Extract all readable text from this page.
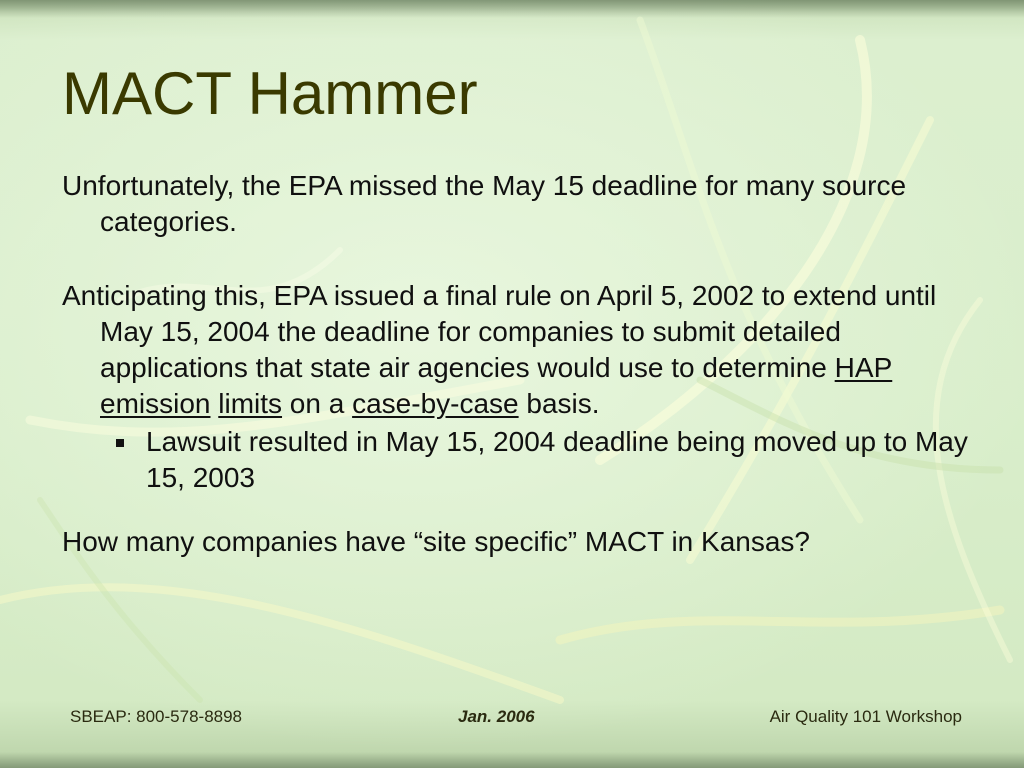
MACT Hammer

Unfortunately, the EPA missed the May 15 deadline for many source categories.

Anticipating this, EPA issued a final rule on April 5, 2002 to extend until May 15, 2004 the deadline for companies to submit detailed applications that state air agencies would use to determine HAP emission limits on a case-by-case basis.

Lawsuit resulted in May 15, 2004 deadline being moved up to May 15, 2003

How many companies have “site specific” MACT in Kansas?

SBEAP: 800-578-8898	Jan. 2006	Air Quality 101 Workshop
